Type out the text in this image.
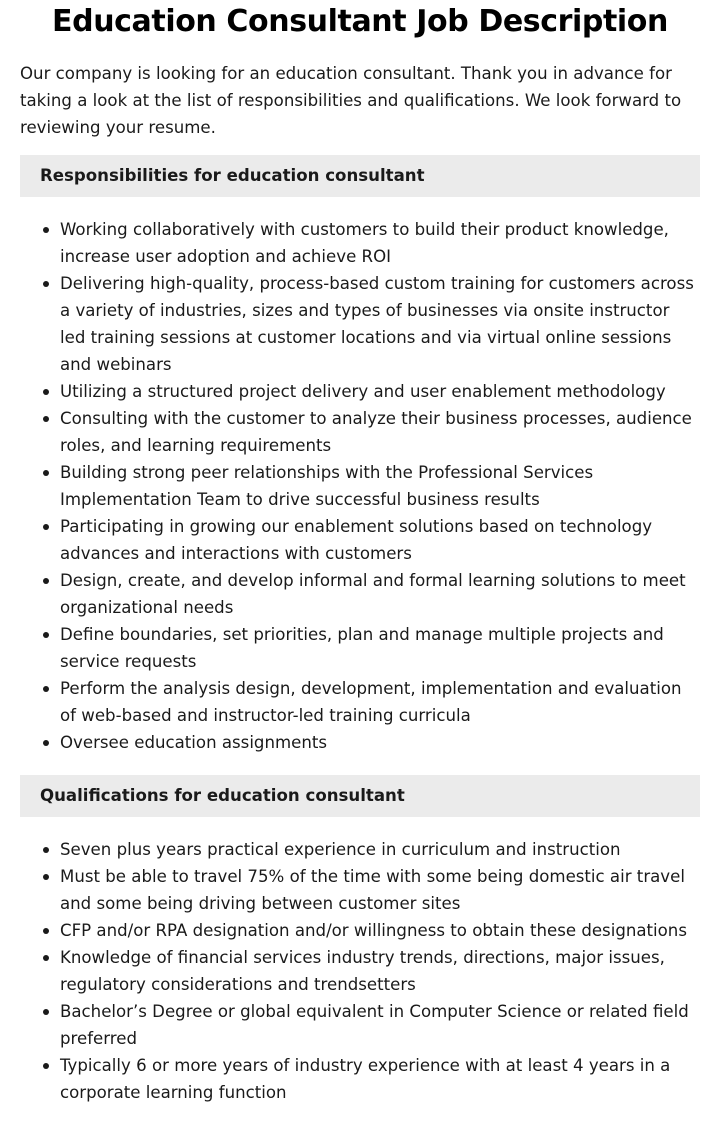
Education Consultant Job Description

Our company is looking for an education consultant. Thank you in advance for taking a look at the list of responsibilities and qualifications. We look forward to reviewing your resume.

Responsibilities for education consultant
Working collaboratively with customers to build their product knowledge, increase user adoption and achieve ROI
Delivering high-quality, process-based custom training for customers across a variety of industries, sizes and types of businesses via onsite instructor led training sessions at customer locations and via virtual online sessions and webinars
Utilizing a structured project delivery and user enablement methodology
Consulting with the customer to analyze their business processes, audience roles, and learning requirements
Building strong peer relationships with the Professional Services Implementation Team to drive successful business results
Participating in growing our enablement solutions based on technology advances and interactions with customers
Design, create, and develop informal and formal learning solutions to meet organizational needs
Define boundaries, set priorities, plan and manage multiple projects and service requests
Perform the analysis design, development, implementation and evaluation of web-based and instructor-led training curricula
Oversee education assignments
Qualifications for education consultant
Seven plus years practical experience in curriculum and instruction
Must be able to travel 75% of the time with some being domestic air travel and some being driving between customer sites
CFP and/or RPA designation and/or willingness to obtain these designations
Knowledge of financial services industry trends, directions, major issues, regulatory considerations and trendsetters
Bachelor’s Degree or global equivalent in Computer Science or related field preferred
Typically 6 or more years of industry experience with at least 4 years in a corporate learning function
